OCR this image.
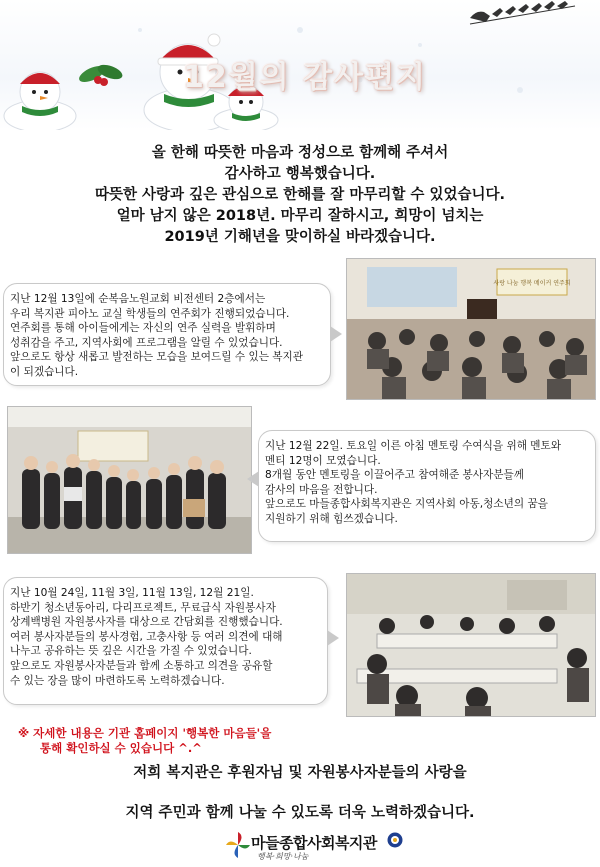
12월의 감사편지
올 한해 따뜻한 마음과 정성으로 함께해 주셔서
감사하고 행복했습니다.
따뜻한 사랑과 깊은 관심으로 한해를 잘 마무리할 수 있었습니다.
얼마 남지 않은 2018년. 마무리 잘하시고, 희망이 넘치는
2019년 기해년을 맞이하실 바라겠습니다.
지난 12월 13일에 순복음노원교회 비전센터 2층에서는
우리 복지관 피아노 교실 학생들의 연주회가 진행되었습니다.
연주회를 통해 아이들에게는 자신의 연주 실력을 발휘하며
성취감을 주고, 지역사회에 프로그램을 알릴 수 있었습니다.
앞으로도 항상 새롭고 발전하는 모습을 보여드릴 수 있는 복지관
이 되겠습니다.
사랑 나눔 행복 메이커 연주회
지난 12월 22일. 토요일 이른 아침 멘토링 수여식을 위해 멘토와
멘티 12명이 모였습니다.
8개월 동안 멘토링을 이끌어주고 참여해준 봉사자분들께
감사의 마음을 전합니다.
앞으로도 마들종합사회복지관은 지역사회 아동,청소년의 꿈을
지원하기 위해 힘쓰겠습니다.
지난 10월 24일, 11월 3일, 11월 13일, 12월 21일.
하반기 청소년동아리, 다리프로젝트, 무료급식 자원봉사자
상계백병원 자원봉사자를 대상으로 간담회를 진행했습니다.
여러 봉사자분들의 봉사경험, 고충사항 등 여러 의견에 대해
나누고 공유하는 뜻 깊은 시간을 가질 수 있었습니다.
앞으로도 자원봉사자분들과 함께 소통하고 의견을 공유할
수 있는 장을 많이 마련하도록 노력하겠습니다.
※ 자세한 내용은 기관 홈페이지 '행복한 마음들'을
통해 확인하실 수 있습니다 ^.^
저희 복지관은 후원자님 및 자원봉사자분들의 사랑을
지역 주민과 함께 나눌 수 있도록 더욱 노력하겠습니다.
마들종합사회복지관
행복·희망·나눔
